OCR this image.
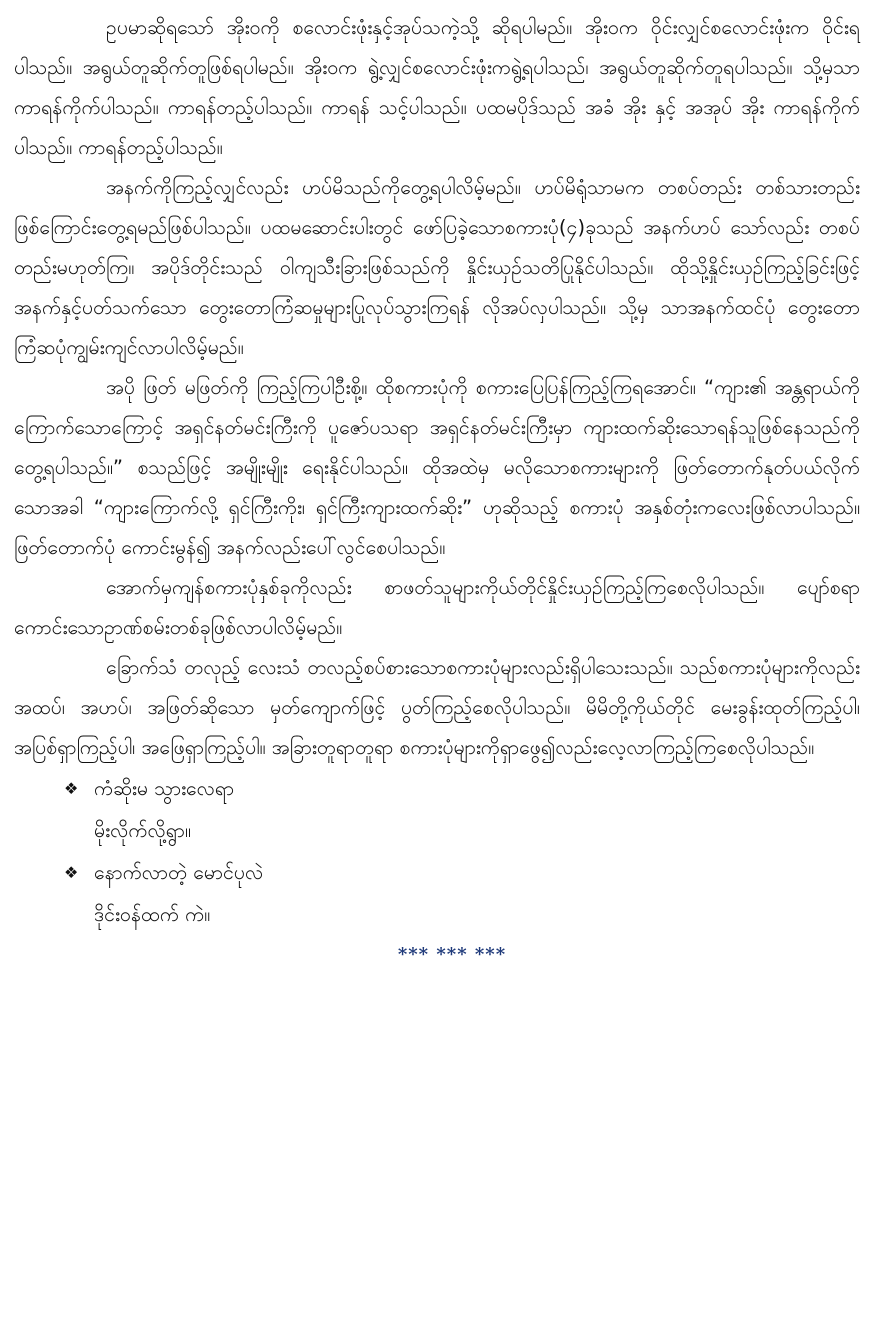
ဥပမာဆိုရသော် အိုးဝကို စလောင်းဖုံးနှင့်အုပ်သကဲ့သို့ ဆိုရပါမည်။ အိုးဝက ဝိုင်းလျှင်စလောင်းဖုံးက ဝိုင်းရပါသည်။ အရွယ်တူဆိုက်တူဖြစ်ရပါမည်။ အိုးဝက ရွဲ့လျှင်စလောင်းဖုံးကရွဲ့ရပါသည်၊ အရွယ်တူဆိုက်တူရပါသည်။ သို့မှသာ ကာရန်ကိုက်ပါသည်။ ကာရန်တည့်ပါသည်။ ကာရန် သင့်ပါသည်။ ပထမပိုဒ်သည် အခံ အိုး နှင့် အအုပ် အိုး ကာရန်ကိုက်ပါသည်။ ကာရန်တည့်ပါသည်။

အနက်ကိုကြည့်လျှင်လည်း ဟပ်မိသည်ကိုတွေ့ရပါလိမ့်မည်။ ဟပ်မိရုံသာမက တစပ်တည်း တစ်သားတည်းဖြစ်ကြောင်းတွေ့ရမည်ဖြစ်ပါသည်။ ပထမဆောင်းပါးတွင် ဖော်ပြခဲ့သောစကားပုံ(၄)ခုသည် အနက်ဟပ် သော်လည်း တစပ်တည်းမဟုတ်ကြ။ အပိုဒ်တိုင်းသည် ဝါကျသီးခြားဖြစ်သည်ကို နှိုင်းယှဉ်သတိပြုနိုင်ပါသည်။ ထိုသို့နှိုင်းယှဉ်ကြည့်ခြင်းဖြင့် အနက်နှင့်ပတ်သက်သော တွေးတောကြံဆမှုများပြုလုပ်သွားကြရန် လိုအပ်လှပါသည်။ သို့မှ သာအနက်ထင်ပုံ တွေးတောကြံဆပုံကျွမ်းကျင်လာပါလိမ့်မည်။

အပို ဖြတ် မဖြတ်ကို ကြည့်ကြပါဦးစို့။ ထိုစကားပုံကို စကားပြေပြန်ကြည့်ကြရအောင်။ “ကျား၏ အန္တရာယ်ကို ကြောက်သောကြောင့် အရှင်နတ်မင်းကြီးကို ပူဇော်ပသရာ အရှင်နတ်မင်းကြီးမှာ ကျားထက်ဆိုးသောရန်သူဖြစ်နေသည်ကို တွေ့ရပါသည်။” စသည်ဖြင့် အမျိုးမျိုး ရေးနိုင်ပါသည်။ ထိုအထဲမှ မလိုသောစကားများကို ဖြတ်တောက်နုတ်ပယ်လိုက်သောအခါ “ကျားကြောက်လို့ ရှင်ကြီးကိုး၊ ရှင်ကြီးကျားထက်ဆိုး” ဟုဆိုသည့် စကားပုံ အနှစ်တုံးကလေးဖြစ်လာပါသည်။ ဖြတ်တောက်ပုံ ကောင်းမွန်၍ အနက်လည်းပေါ်လွင်စေပါသည်။

အောက်မှကျန်စကားပုံနှစ်ခုကိုလည်း စာဖတ်သူများကိုယ်တိုင်နှိုင်းယှဉ်ကြည့်ကြစေလိုပါသည်။ ပျော်စရာကောင်းသောဥာဏ်စမ်းတစ်ခုဖြစ်လာပါလိမ့်မည်။

ခြောက်သံ တလုည့် လေးသံ တလည့်စပ်စားသောစကားပုံများလည်းရှိပါသေးသည်။ သည်စကားပုံများကိုလည်း အထပ်၊ အဟပ်၊ အဖြတ်ဆိုသော မှတ်ကျောက်ဖြင့် ပွတ်ကြည့်စေလိုပါသည်။ မိမိတို့ကိုယ်တိုင် မေးခွန်းထုတ်ကြည့်ပါ၊ အပြစ်ရှာကြည့်ပါ၊ အဖြေရှာကြည့်ပါ။ အခြားတူရာတူရာ စကားပုံများကိုရှာဖွေ၍လည်းလေ့လာကြည့်ကြစေလိုပါသည်။

❖ ကံဆိုးမ သွားလေရာ
မိုးလိုက်လို့ရွာ။
❖ နောက်လာတဲ့ မောင်ပုလဲ
ဒိုင်းဝန်ထက် ကဲ။
*** *** ***
